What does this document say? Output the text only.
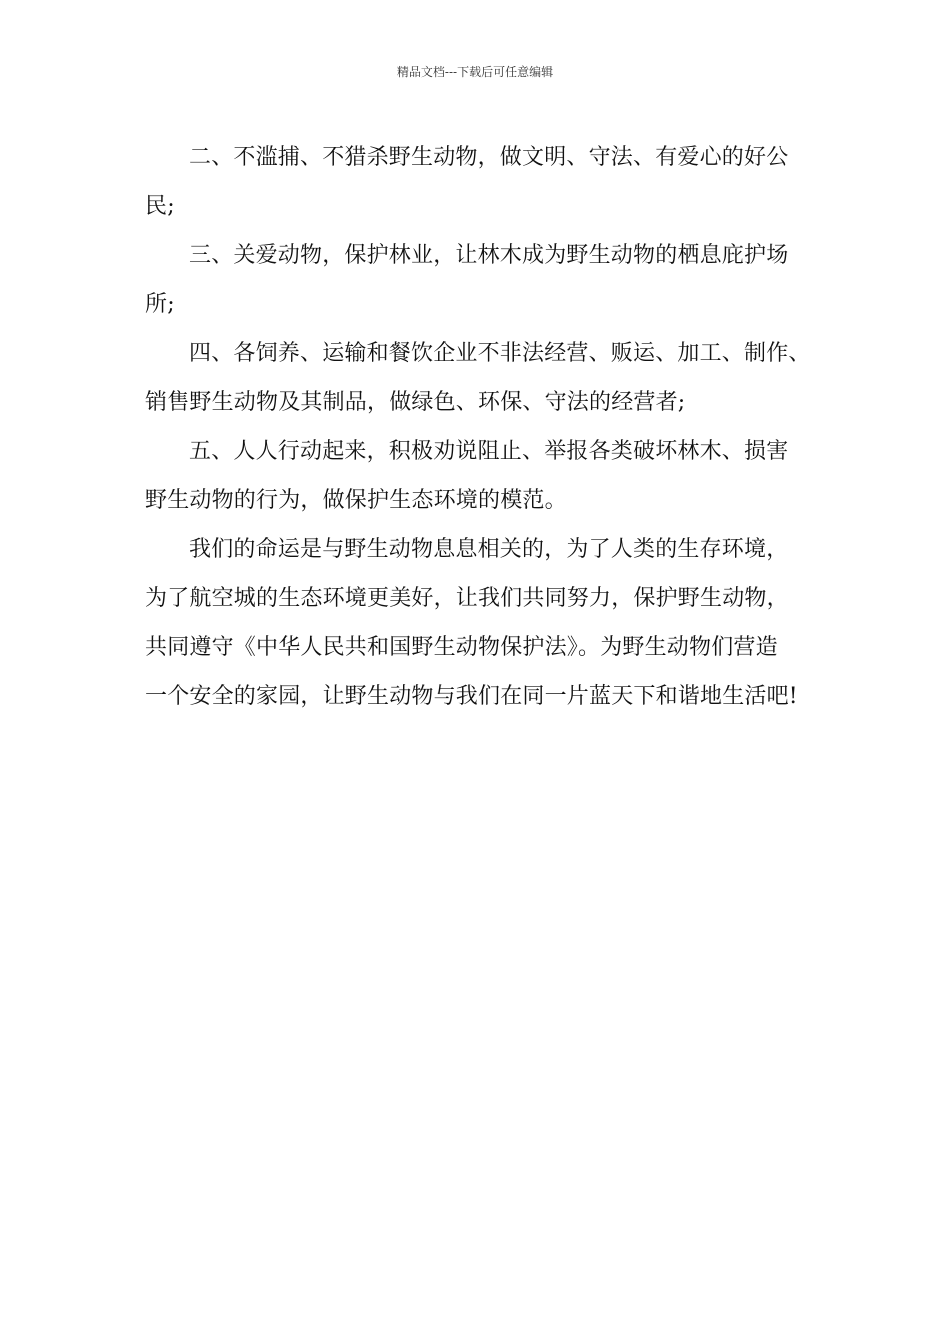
精品文档---下载后可任意编辑
二、不滥捕、不猎杀野生动物，做文明、守法、有爱心的好公
民;
三、关爱动物，保护林业，让林木成为野生动物的栖息庇护场
所;
四、各饲养、运输和餐饮企业不非法经营、贩运、加工、制作、
销售野生动物及其制品，做绿色、环保、守法的经营者;
五、人人行动起来，积极劝说阻止、举报各类破坏林木、损害
野生动物的行为，做保护生态环境的模范。
我们的命运是与野生动物息息相关的，为了人类的生存环境，
为了航空城的生态环境更美好，让我们共同努力，保护野生动物，
共同遵守《中华人民共和国野生动物保护法》。为野生动物们营造
一个安全的家园，让野生动物与我们在同一片蓝天下和谐地生活吧!
